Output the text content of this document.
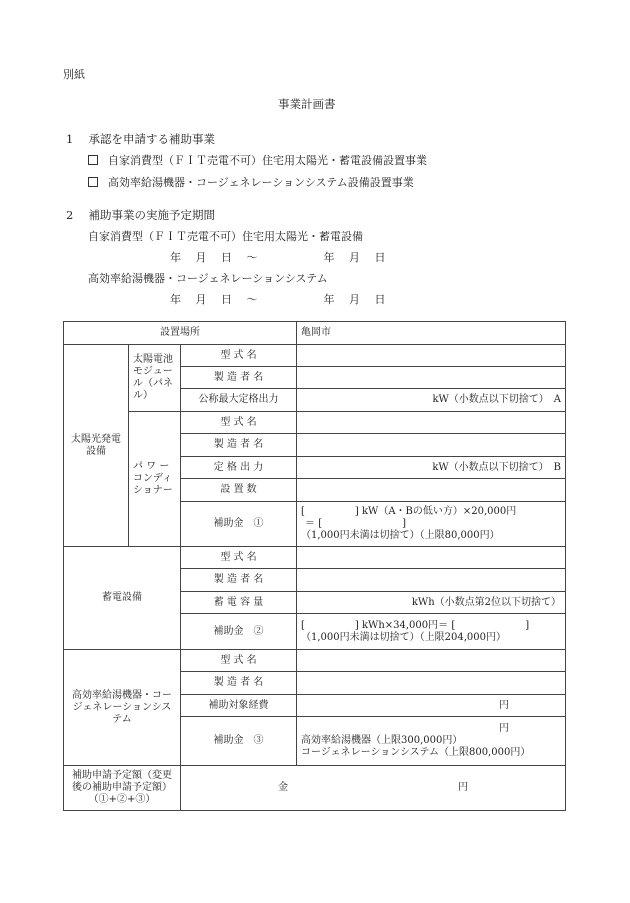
別紙
事業計画書
1　 承認を申請する補助事業
自家消費型（ＦＩＴ売電不可）住宅用太陽光・蓄電設備設置事業
高効率給湯機器・コージェネレーションシステム設備設置事業
2　 補助事業の実施予定期間
自家消費型（ＦＩＴ売電不可）住宅用太陽光・蓄電設備
年　 月　 日　 ～　　　　　　年　 月　 日
高効率給湯機器・コージェネレーションシステム
年　 月　 日　 ～　　　　　　年　 月　 日
設置場所			亀岡市
太陽光発電設備	太陽電池モジュール（パネル）	型 式 名	
		製 造 者 名	
		公称最大定格出力	kW（小数点以下切捨て）　A
	パ ワ ー コンディショナー	型 式 名	
		製 造 者 名	
		定 格 出 力	kW（小数点以下切捨て）　B
		設 置 数	
		補助金　①	[　　　　　] kW（A・Bの低い方）×20,000円
＝ [　　　　　　　　]
（1,000円未満は切捨て）（上限80,000円）

蓄電設備		型 式 名	
		製 造 者 名	
		蓄 電 容 量	kWh（小数点第2位以下切捨て）
		補助金　②	[　　　　　] kWh×34,000円＝ [　　　　　　　]
（1,000円未満は切捨て）（上限204,000円）

高効率給湯機器・コージェネレーションシステム		型 式 名	
		製 造 者 名	
		補助対象経費	円

		補助金　③	円
高効率給湯機器（上限300,000円）
コージェネレーションシステム（上限800,000円）

補助申請予定額（変更後の補助申請予定額）（①+②+③）		金　　　　　　　　　　　　　　　　　円	
